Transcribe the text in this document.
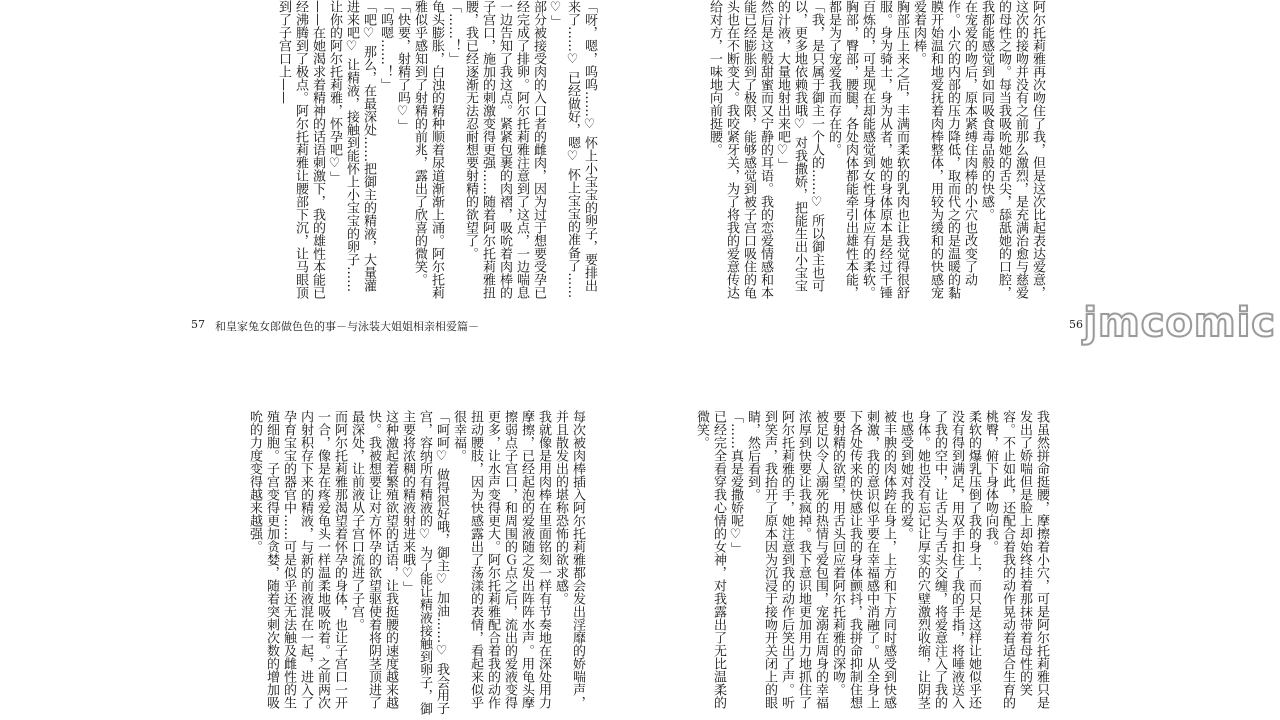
「呀，嗯，呜呜……♡ 怀上小宝宝的卵子，要排出来了……♡ 已经做好，嗯♡ 怀上宝宝的准备了……♡」
部分被接受肉的入口者的雌肉，因为过于想要受孕已经完成了排卵。阿尔托莉雅注意到了这点，一边喘息一边告知了我这点。紧紧包裹的肉褶，吸吮着肉棒的子宫口，施加的刺激变得更强……随着阿尔托莉雅扭腰，我已经逐渐无法忍耐想要射精的欲望了。
「……！」
龟头膨胀，白浊的精种顺着尿道渐渐上涌。阿尔托莉雅似乎感知到了射精的前兆，露出了欣喜的微笑。
「快要，射精了吗♡」
「呜嗯……！」
「吧♡ 那么，在最深处……把御主的精液，大量灌进来吧♡ 让精液，接触到能怀上小宝宝的卵子……让你的阿尔托莉雅，怀孕吧♡」
——在她渴求着精神的话语刺激下，我的雄性本能已经沸腾到了极点。阿尔托莉雅让腰部下沉，让马眼顶到了子宫口上——
每次被肉棒插入阿尔托莉雅都会发出淫靡的娇喘声，并且散发出的堪称恐怖的欲求感。
我就像是用肉棒在里面铭刻一样有节奏地在深处用力摩擦，已经起泡的爱液随之发出阵阵水声。用龟头摩擦弱点子宫口，和周围的Ｇ点之后，流出的爱液变得更多，让水声变得更大。阿尔托莉雅配合着我的动作扭动腰肢，因为快感露出了荡漾的表情，看起来似乎很幸福。
「呵呵♡ 做得很好哦，御主♡ 加油……♡ 我会用子宫，容纳所有精液的♡ 为了能让精液接触到卵子，御主要将浓稠的精液射进来哦♡」
这种激起着繁殖欲望的话语，让我挺腰的速度越来越快。我被想要让对方怀孕的欲望驱使着将阴茎顶进了最深处，让前液从子宫口流进了子宫。
而阿尔托莉雅那渴望着怀孕的身体，也让子宫口一开一合，像是在疼爱龟头一样温柔地吸吮着。之前两次内射积存下来的精液，与新的前液混在一起，进入了孕育宝宝的器官中……可是似乎还无法触及雌性的生殖细胞。子宫变得更加贪婪，随着突刺次数的增加吸吮的力度变得越来越强。
57 和皇家兔女郎做色色的事－与泳装大姐姐相亲相爱篇－
阿尔托莉雅再次吻住了我，但是这次比起表达爱意，这次的接吻并没有之前那么激烈，是充满治愈与慈爱的母性之吻。每当我吸吮她的舌尖，舔舐她的口腔，我都能感觉到如同吸食毒品般的快感。
在宠爱的吻后，原本紧缚住肉棒的小穴也改变了动作。小穴的内部的压力降低，取而代之的是温暖的黏膜开始温和地爱抚着肉棒整体，用较为缓和的快感宠爱着肉棒。
胸部压上来之后，丰满而柔软的乳肉也让我觉得很舒服。身为骑士，身为从者，她的身体原本是经过千锤百炼的，可是现在却能感觉到女性身体应有的柔软。胸部，臀部，腰腿，各处肉体都能牵引出雄性本能，都是为了宠爱我而存在的。
「我，是只属于御主一个人的……♡ 所以御主也可以，更多地依赖我哦♡ 对我撒娇，把能生出小宝宝的汁液，大量地射出来吧♡」
然后是这般甜蜜而又宁静的耳语。我的恋爱情感和本能已经膨胀到了极限，能够感觉到被子宫口吸住的龟头也在不断变大。我咬紧牙关，为了将我的爱意传达给对方，一味地向前挺腰。
我虽然拼命挺腰，摩擦着小穴，可是阿尔托莉雅只是发出了娇喘但是脸上却始终挂着那抹带着母性的笑容。不止如此，还配合着我的动作晃动着适合生育的桃臀，俯下身体吻向我。
柔软的爆乳压倒了我的身上，而只是这样让她似乎还没有得到满足，用双手扣住了我的手指，将唾液送入了我的空中，让舌头与舌头交缠，将爱意注入了我的身体。她也没有忘记让厚实的穴壁激烈收缩，让阴茎也感受到她对我的爱。
被丰腴的肉体跨在身上，上方和下方同时感受到快感刺激，我的意识似乎要在幸福感中消融了。从全身上下各处传来的快感让我的身体颤抖，我拼命抑制住想要射精的欲望，用舌头回应着阿尔托莉雅的深吻。
被足以令人溺死的热情与爱包围，宠溺在周身的幸福浓厚到快要让我疯掉。我下意识地更加用力地抓住了阿尔托莉雅的手，她注意到我的动作后笑出了声。听到笑声，我抬开了原本因为沉浸于接吻开关闭上的眼睛，然后看到。
「……真是爱撒娇呢♡」
已经完全看穿我心情的女神，对我露出了无比温柔的微笑。
56 jmcomic
